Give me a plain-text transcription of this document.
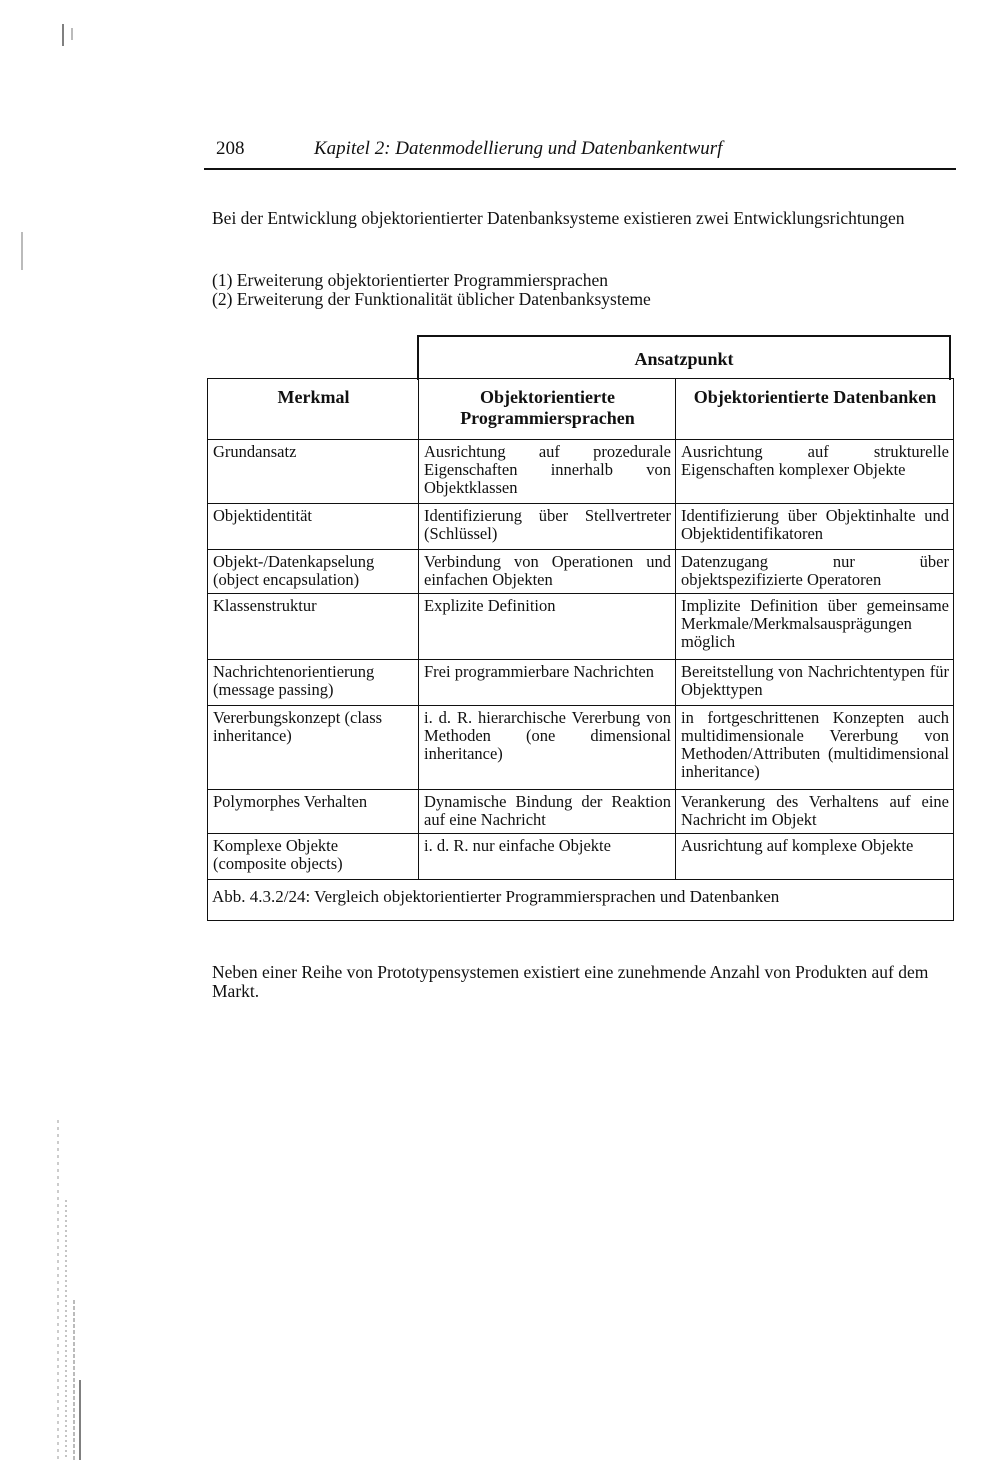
208	Kapitel 2: Datenmodellierung und Datenbankentwurf
Bei der Entwicklung objektorientierter Datenbanksysteme existieren zwei Entwicklungsrichtungen
(1) Erweiterung objektorientierter Programmiersprachen
(2) Erweiterung der Funktionalität üblicher Datenbanksysteme
Ansatzpunkt
Merkmal	Objektorientierte Programmiersprachen	Objektorientierte Datenbanken
Grundansatz	Ausrichtung auf prozedurale Eigenschaften innerhalb von Objektklassen	Ausrichtung auf strukturelle Eigenschaften komplexer Objekte
Objektidentität	Identifizierung über Stellvertreter (Schlüssel)	Identifizierung über Objektinhalte und Objektidentifikatoren
Objekt-/Datenkapselung (object encapsulation)	Verbindung von Operationen und einfachen Objekten	Datenzugang nur über objektspezifizierte Operatoren
Klassenstruktur	Explizite Definition	Implizite Definition über gemeinsame Merkmale/Merkmalsausprägungen möglich
Nachrichtenorientierung (message passing)	Frei programmierbare Nachrichten	Bereitstellung von Nachrichtentypen für Objekttypen
Vererbungskonzept (class inheritance)	i. d. R. hierarchische Vererbung von Methoden (one dimensional inheritance)	in fortgeschrittenen Konzepten auch multidimensionale Vererbung von Methoden/Attributen (multidimensional inheritance)
Polymorphes Verhalten	Dynamische Bindung der Reaktion auf eine Nachricht	Verankerung des Verhaltens auf eine Nachricht im Objekt
Komplexe Objekte (composite objects)	i. d. R. nur einfache Objekte	Ausrichtung auf komplexe Objekte
Abb. 4.3.2/24: Vergleich objektorientierter Programmiersprachen und Datenbanken		
Neben einer Reihe von Prototypensystemen existiert eine zunehmende Anzahl von Produkten auf dem Markt.
